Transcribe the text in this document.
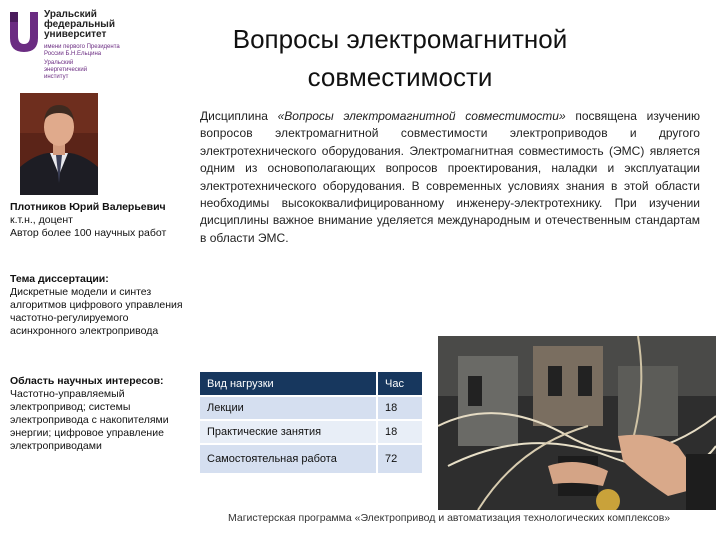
Уральский
федеральный
университет
имени первого Президента
России Б.Н.Ельцина
Уральский
энергетический
институт
Вопросы электромагнитной
совместимости
Плотников Юрий Валерьевич
к.т.н., доцент
Автор более 100 научных работ
Тема диссертации:
Дискретные модели и синтез алгоритмов цифрового управления частотно-регулируемого асинхронного электропривода
Область научных интересов:
Частотно-управляемый электропривод; системы электропривода с накопителями энергии; цифровое управление электроприводами
Дисциплина «Вопросы электромагнитной совместимости» посвящена изучению вопросов электромагнитной совместимости электроприводов и другого электротехнического оборудования. Электромагнитная совместимость (ЭМС) является одним из основополагающих вопросов проектирования, наладки и эксплуатации электротехнического оборудования. В современных условиях знания в этой области необходимы высококвалифицированному инженеру-электротехнику. При изучении дисциплины важное внимание уделяется международным и отечественным стандартам в области ЭМС.
Вид нагрузки	Час
Лекции	18
Практические занятия	18
Самостоятельная работа	72
Магистерская программа «Электропривод и автоматизация технологических комплексов»
